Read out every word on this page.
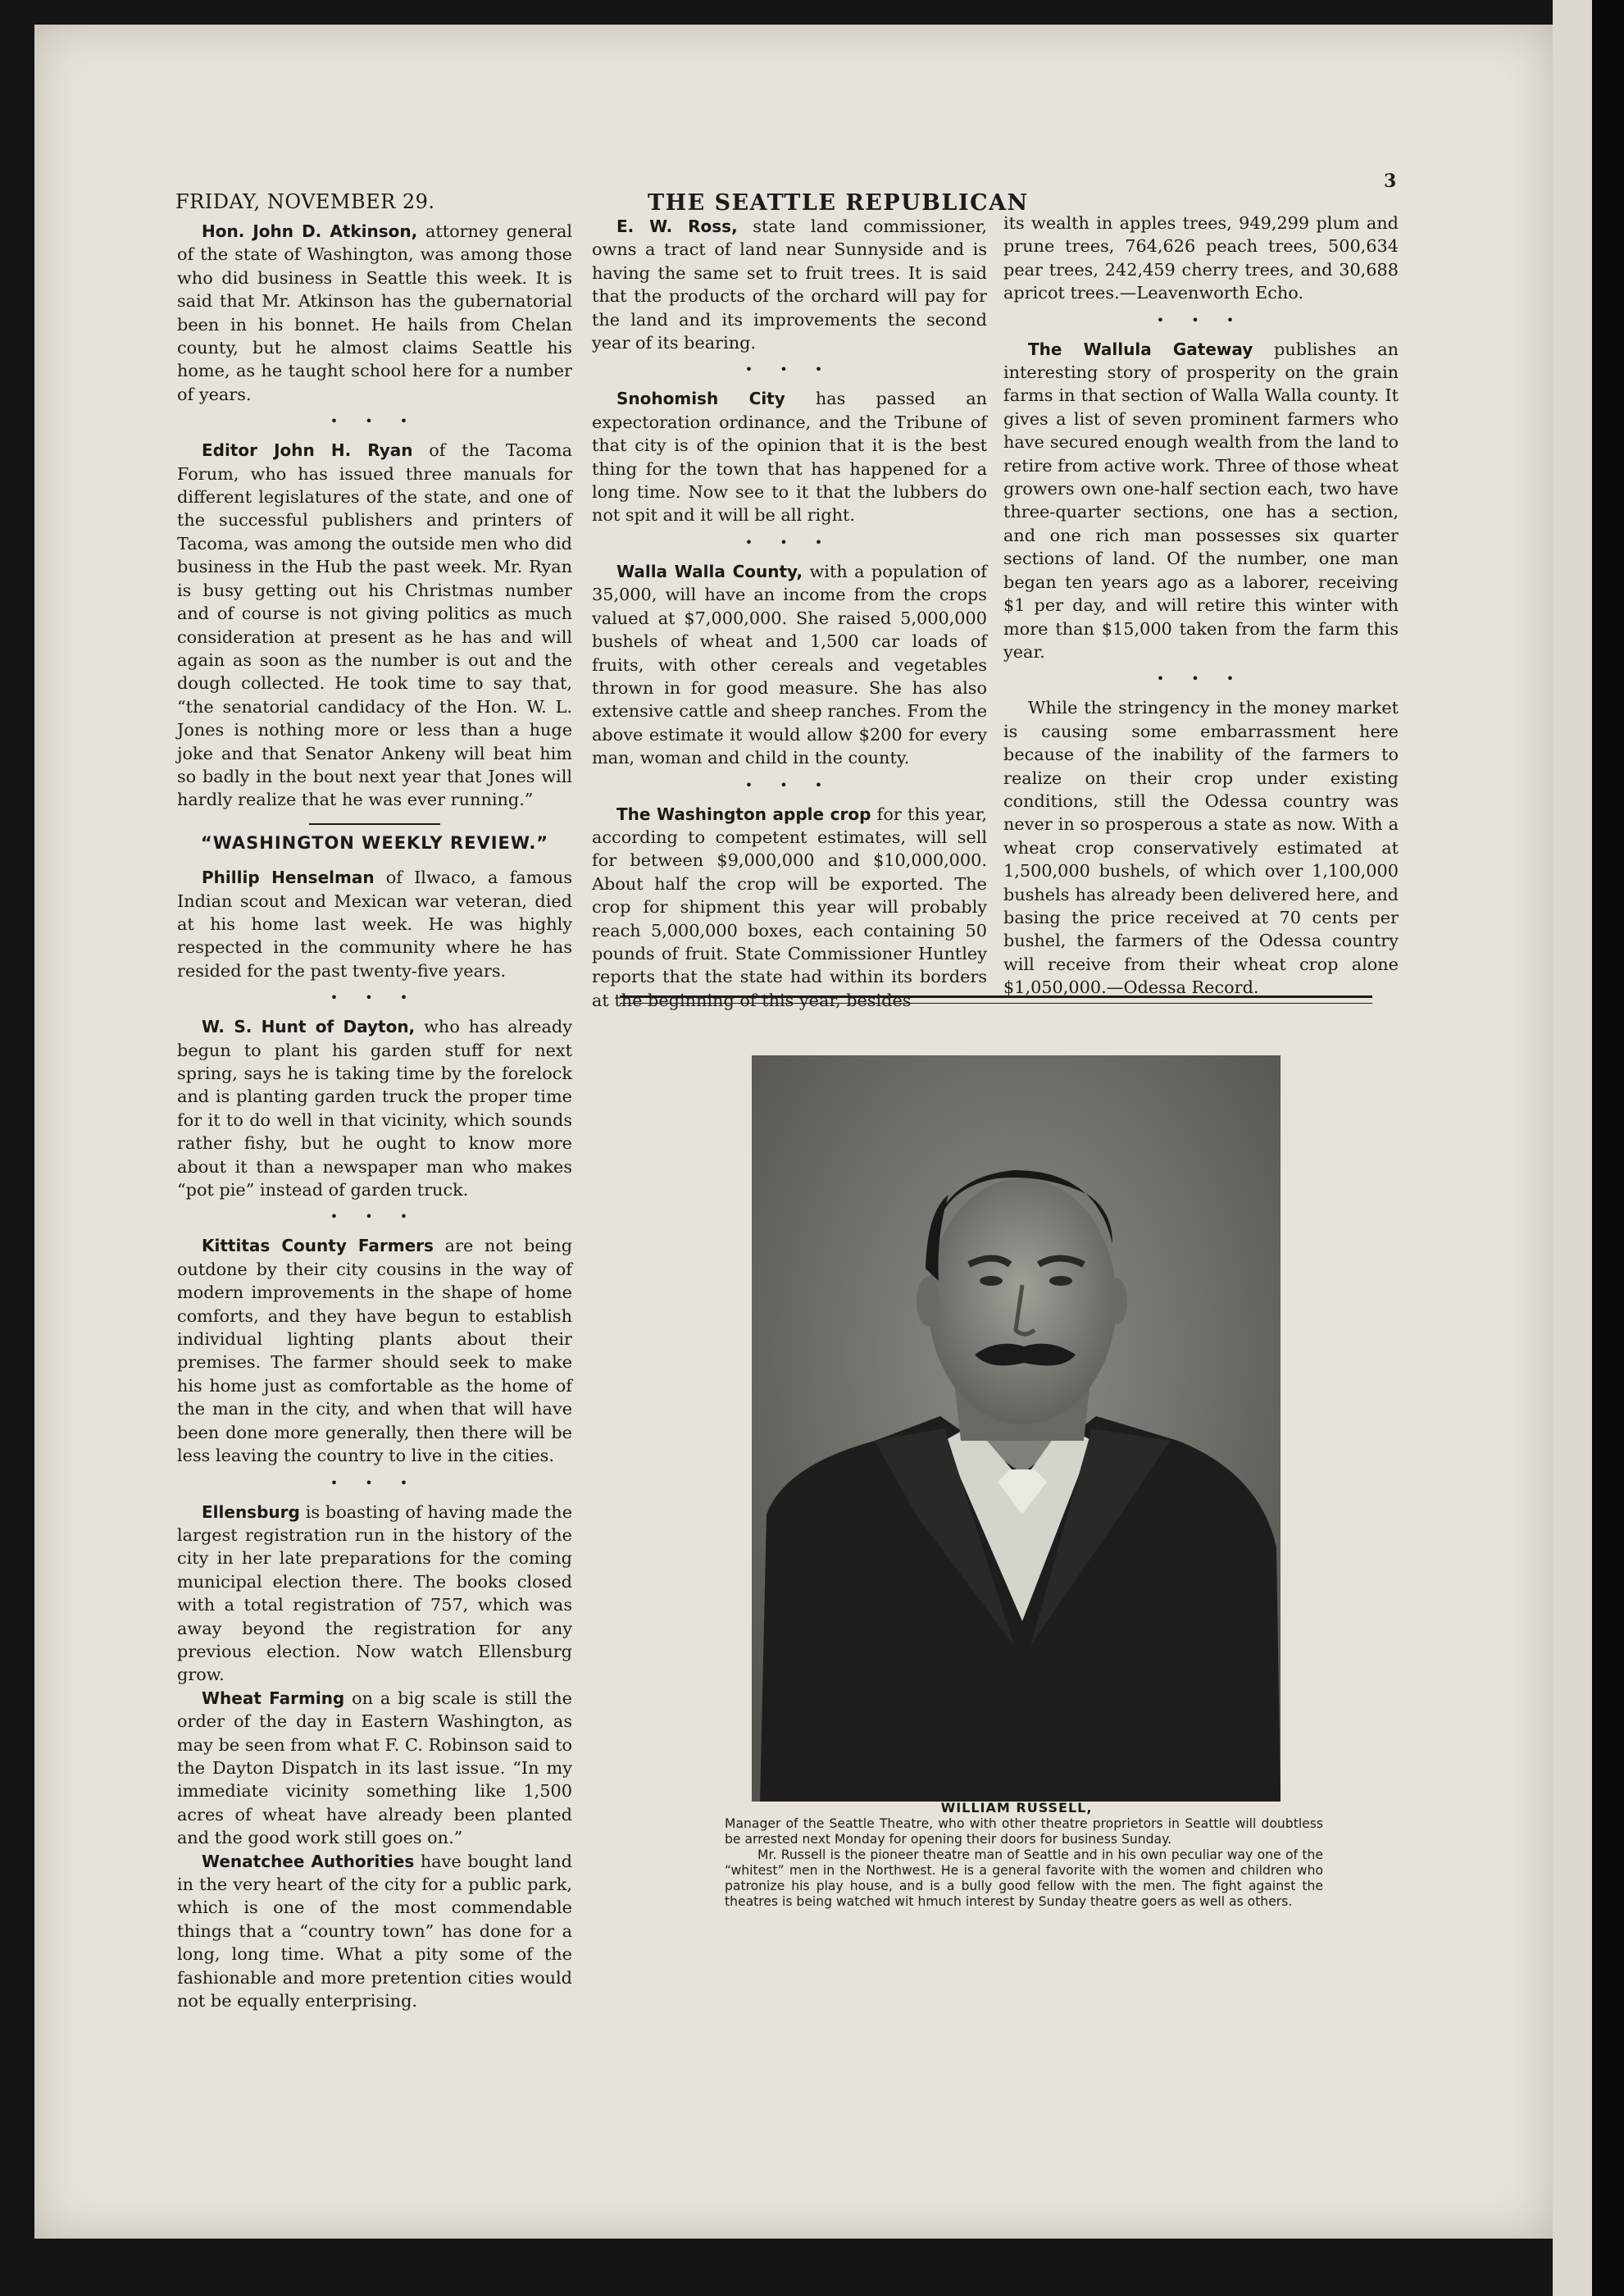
FRIDAY, NOVEMBER 29.	THE SEATTLE REPUBLICAN
3

Hon. John D. Atkinson, attorney general of the state of Washington, was among those who did business in Seattle this week. It is said that Mr. Atkinson has the gubernatorial been in his bonnet. He hails from Chelan county, but he almost claims Seattle his home, as he taught school here for a number of years.

• • •

Editor John H. Ryan of the Tacoma Forum, who has issued three manuals for different legislatures of the state, and one of the successful publishers and printers of Tacoma, was among the outside men who did business in the Hub the past week. Mr. Ryan is busy getting out his Christmas number and of course is not giving politics as much consideration at present as he has and will again as soon as the number is out and the dough collected. He took time to say that, “the senatorial candidacy of the Hon. W. L. Jones is nothing more or less than a huge joke and that Senator Ankeny will beat him so badly in the bout next year that Jones will hardly realize that he was ever running.”

“WASHINGTON WEEKLY REVIEW.”

Phillip Henselman of Ilwaco, a famous Indian scout and Mexican war veteran, died at his home last week. He was highly respected in the community where he has resided for the past twenty-five years.

• • •

W. S. Hunt of Dayton, who has already begun to plant his garden stuff for next spring, says he is taking time by the forelock and is planting garden truck the proper time for it to do well in that vicinity, which sounds rather fishy, but he ought to know more about it than a newspaper man who makes “pot pie” instead of garden truck.

• • •

Kittitas County Farmers are not being outdone by their city cousins in the way of modern improvements in the shape of home comforts, and they have begun to establish individual lighting plants about their premises. The farmer should seek to make his home just as comfortable as the home of the man in the city, and when that will have been done more generally, then there will be less leaving the country to live in the cities.

• • •

Ellensburg is boasting of having made the largest registration run in the history of the city in her late preparations for the coming municipal election there. The books closed with a total registration of 757, which was away beyond the registration for any previous election. Now watch Ellensburg grow.

Wheat Farming on a big scale is still the order of the day in Eastern Washington, as may be seen from what F. C. Robinson said to the Dayton Dispatch in its last issue. “In my immediate vicinity something like 1,500 acres of wheat have already been planted and the good work still goes on.”

Wenatchee Authorities have bought land in the very heart of the city for a public park, which is one of the most commendable things that a “country town” has done for a long, long time. What a pity some of the fashionable and more pretention cities would not be equally enterprising.

E. W. Ross, state land commissioner, owns a tract of land near Sunnyside and is having the same set to fruit trees. It is said that the products of the orchard will pay for the land and its improvements the second year of its bearing.

• • •

Snohomish City has passed an expectoration ordinance, and the Tribune of that city is of the opinion that it is the best thing for the town that has happened for a long time. Now see to it that the lubbers do not spit and it will be all right.

• • •

Walla Walla County, with a population of 35,000, will have an income from the crops valued at $7,000,000. She raised 5,000,000 bushels of wheat and 1,500 car loads of fruits, with other cereals and vegetables thrown in for good measure. She has also extensive cattle and sheep ranches. From the above estimate it would allow $200 for every man, woman and child in the county.

• • •

The Washington apple crop for this year, according to competent estimates, will sell for between $9,000,000 and $10,000,000. About half the crop will be exported. The crop for shipment this year will probably reach 5,000,000 boxes, each containing 50 pounds of fruit. State Commissioner Huntley reports that the state had within its borders at the beginning of this year, besides

its wealth in apples trees, 949,299 plum and prune trees, 764,626 peach trees, 500,634 pear trees, 242,459 cherry trees, and 30,688 apricot trees.—Leavenworth Echo.

• • •

The Wallula Gateway publishes an interesting story of prosperity on the grain farms in that section of Walla Walla county. It gives a list of seven prominent farmers who have secured enough wealth from the land to retire from active work. Three of those wheat growers own one-half section each, two have three-quarter sections, one has a section, and one rich man possesses six quarter sections of land. Of the number, one man began ten years ago as a laborer, receiving $1 per day, and will retire this winter with more than $15,000 taken from the farm this year.

• • •

While the stringency in the money market is causing some embarrassment here because of the inability of the farmers to realize on their crop under existing conditions, still the Odessa country was never in so prosperous a state as now. With a wheat crop conservatively estimated at 1,500,000 bushels, of which over 1,100,000 bushels has already been delivered here, and basing the price received at 70 cents per bushel, the farmers of the Odessa country will receive from their wheat crop alone $1,050,000.—Odessa Record.

WILLIAM RUSSELL,

Manager of the Seattle Theatre, who with other theatre proprietors in Seattle will doubtless be arrested next Monday for opening their doors for business Sunday.

Mr. Russell is the pioneer theatre man of Seattle and in his own peculiar way one of the “whitest” men in the Northwest. He is a general favorite with the women and children who patronize his play house, and is a bully good fellow with the men. The fight against the theatres is being watched wit hmuch interest by Sunday theatre goers as well as others.
